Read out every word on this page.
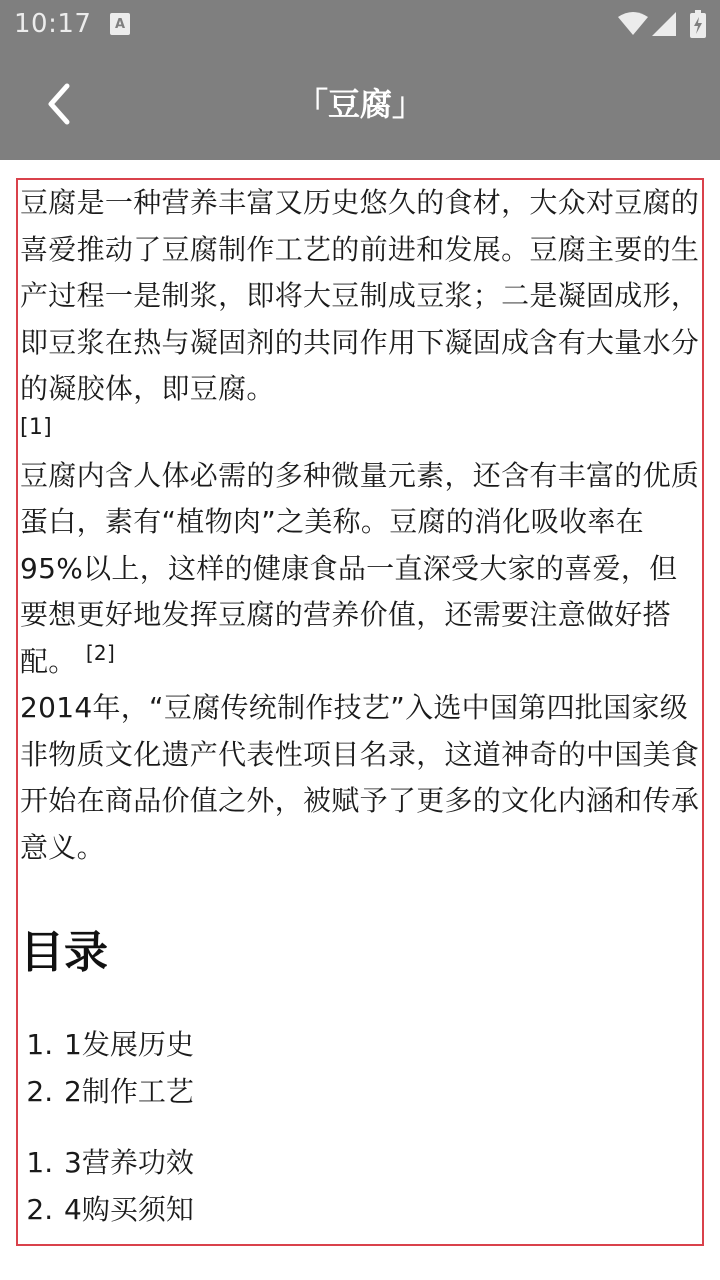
10:17 A
「豆腐」

豆腐是一种营养丰富又历史悠久的食材，大众对豆腐的喜爱推动了豆腐制作工艺的前进和发展。豆腐主要的生产过程一是制浆，即将大豆制成豆浆；二是凝固成形，即豆浆在热与凝固剂的共同作用下凝固成含有大量水分的凝胶体，即豆腐。
[1]

豆腐内含人体必需的多种微量元素，还含有丰富的优质蛋白，素有“植物肉”之美称。豆腐的消化吸收率在95%以上，这样的健康食品一直深受大家的喜爱，但要想更好地发挥豆腐的营养价值，还需要注意做好搭配。 [2]

2014年，“豆腐传统制作技艺”入选中国第四批国家级非物质文化遗产代表性项目名录，这道神奇的中国美食开始在商品价值之外，被赋予了更多的文化内涵和传承意义。

目录
1. 1发展历史
2. 2制作工艺
1. 3营养功效
2. 4购买须知
